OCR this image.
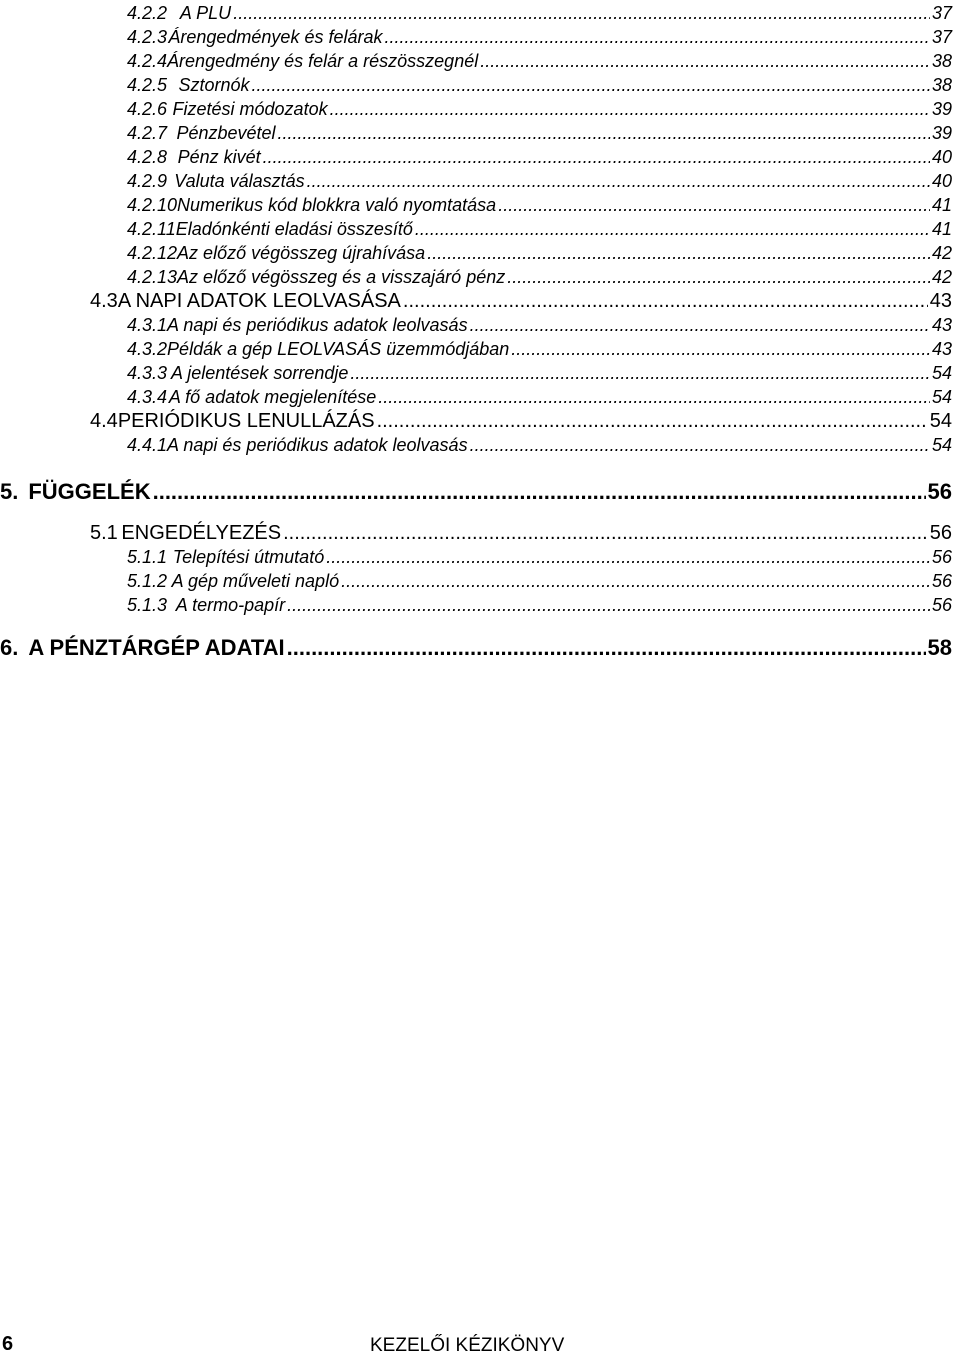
4.2.2 A PLU .....	37
4.2.3 Árengedmények és felárak .....	37
4.2.4 Árengedmény és felár a részösszegnél .....	38
4.2.5 Sztornók .....	38
4.2.6 Fizetési módozatok .....	39
4.2.7 Pénzbevétel .....	39
4.2.8 Pénz kivét .....	40
4.2.9 Valuta választás .....	40
4.2.10 Numerikus kód blokkra való nyomtatása .....	41
4.2.11 Eladónkénti eladási összesítő .....	41
4.2.12 Az előző végösszeg újrahívása .....	42
4.2.13 Az előző végösszeg és a visszajáró pénz .....	42
4.3 A NAPI ADATOK LEOLVASÁSA .....	43
4.3.1 A napi és periódikus adatok leolvasás .....	43
4.3.2 Példák a gép LEOLVASÁS üzemmódjában .....	43
4.3.3 A jelentések sorrendje .....	54
4.3.4 A fő adatok megjelenítése .....	54
4.4 PERIÓDIKUS LENULLÁZÁS .....	54
4.4.1 A napi és periódikus adatok leolvasás .....	54
5. FÜGGELÉK .....	56
5.1 ENGEDÉLYEZÉS .....	56
5.1.1 Telepítési útmutató .....	56
5.1.2 A gép műveleti napló .....	56
5.1.3 A termo-papír .....	56
6. A PÉNZTÁRGÉP ADATAI .....	58
6	KEZELŐI KÉZIKÖNYV
